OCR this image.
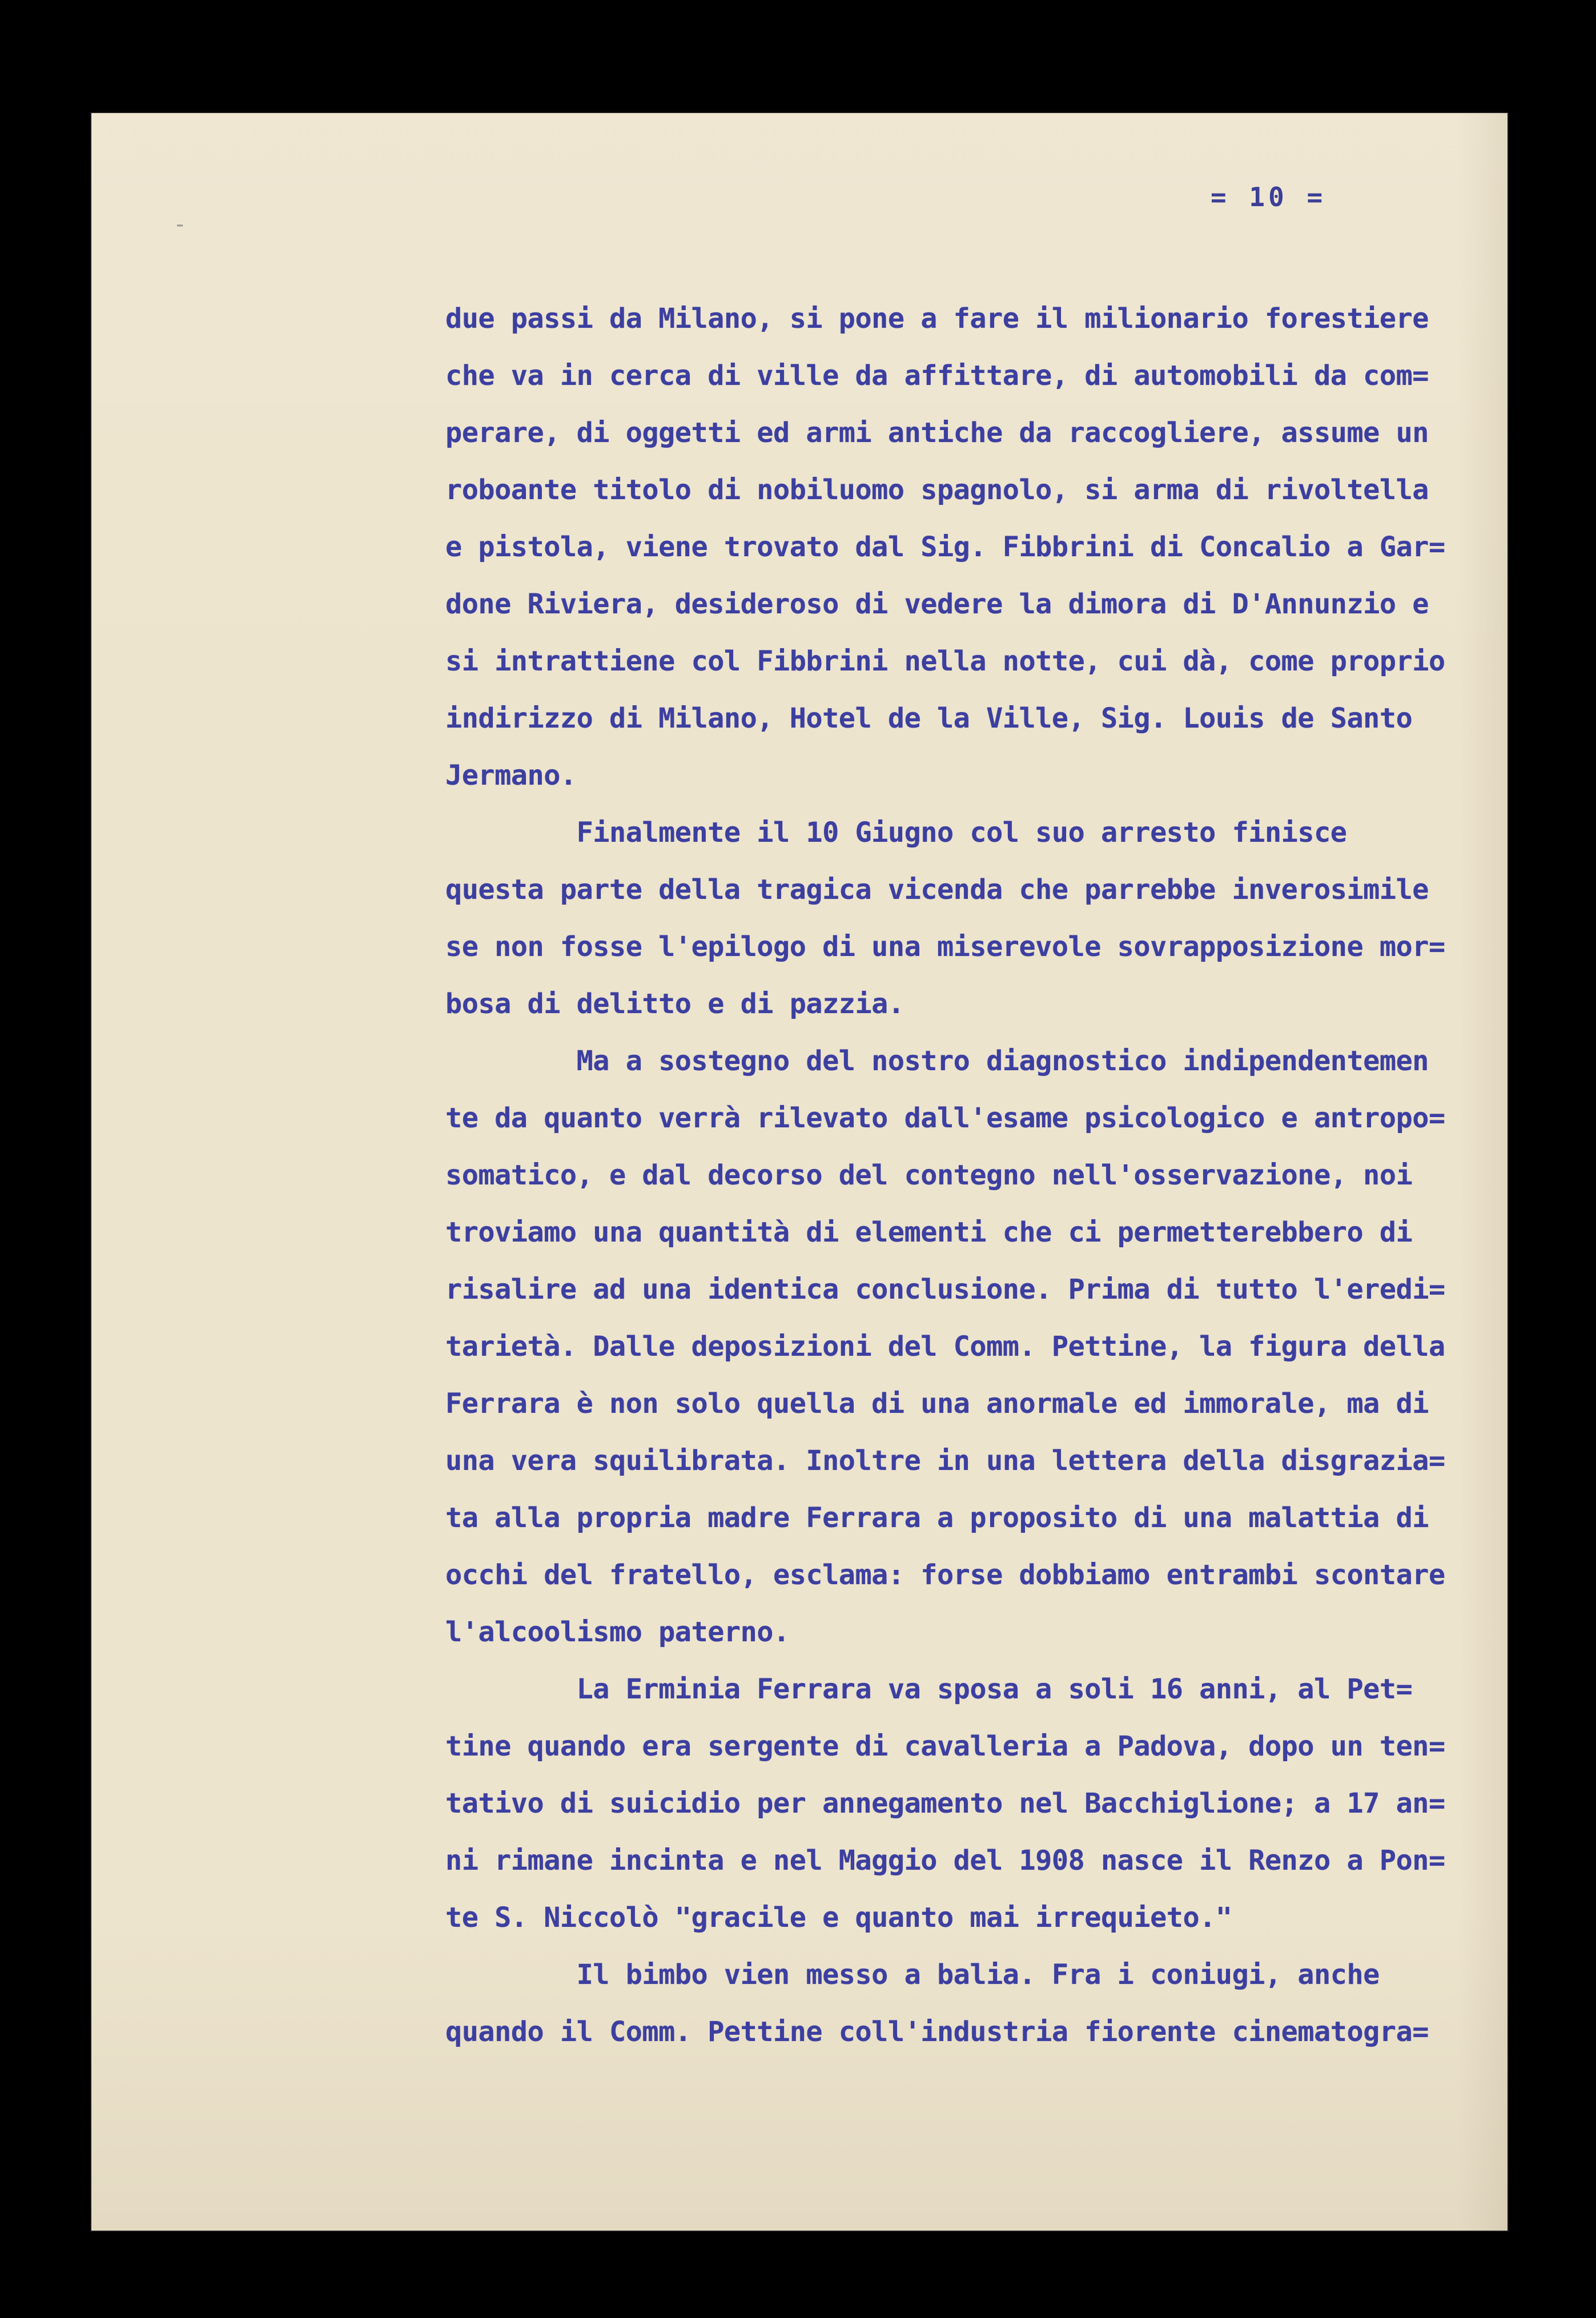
-
= 10 =
due passi da Milano, si pone a fare il milionario forestiere
che va in cerca di ville da affittare, di automobili da com=
perare, di oggetti ed armi antiche da raccogliere, assume un
roboante titolo di nobiluomo spagnolo, si arma di rivoltella
e pistola, viene trovato dal Sig. Fibbrini di Concalio a Gar=
done Riviera, desideroso di vedere la dimora di D'Annunzio e
si intrattiene col Fibbrini nella notte, cui dà, come proprio
indirizzo di Milano, Hotel de la Ville, Sig. Louis de Santo
Jermano.
Finalmente il 10 Giugno col suo arresto finisce
questa parte della tragica vicenda che parrebbe inverosimile
se non fosse l'epilogo di una miserevole sovrapposizione mor=
bosa di delitto e di pazzia.
Ma a sostegno del nostro diagnostico indipendentemen
te da quanto verrà rilevato dall'esame psicologico e antropo=
somatico, e dal decorso del contegno nell'osservazione, noi
troviamo una quantità di elementi che ci permetterebbero di
risalire ad una identica conclusione. Prima di tutto l'eredi=
tarietà. Dalle deposizioni del Comm. Pettine, la figura della
Ferrara è non solo quella di una anormale ed immorale, ma di
una vera squilibrata. Inoltre in una lettera della disgrazia=
ta alla propria madre Ferrara a proposito di una malattia di
occhi del fratello, esclama: forse dobbiamo entrambi scontare
l'alcoolismo paterno.
La Erminia Ferrara va sposa a soli 16 anni, al Pet=
tine quando era sergente di cavalleria a Padova, dopo un ten=
tativo di suicidio per annegamento nel Bacchiglione; a 17 an=
ni rimane incinta e nel Maggio del 1908 nasce il Renzo a Pon=
te S. Niccolò "gracile e quanto mai irrequieto."
Il bimbo vien messo a balia. Fra i coniugi, anche
quando il Comm. Pettine coll'industria fiorente cinematogra=
